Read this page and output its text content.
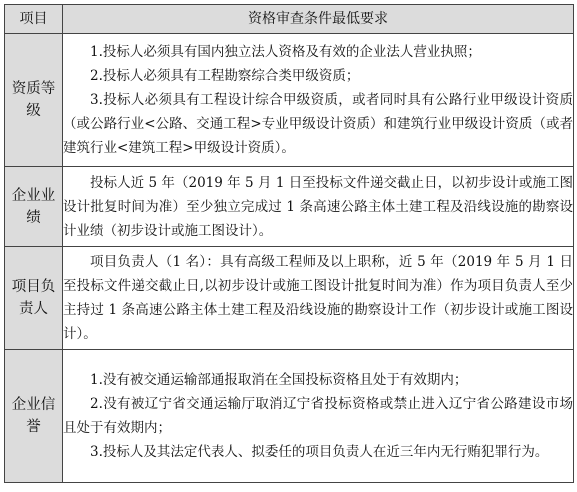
项目	资格审查条件最低要求
资质等级	1.投标人必须具有国内独立法人资格及有效的企业法人营业执照；

2.投标人必须具有工程勘察综合类甲级资质；

3.投标人必须具有工程设计综合甲级资质，或者同时具有公路行业甲级设计资质（或公路行业<公路、交通工程>专业甲级设计资质）和建筑行业甲级设计资质（或者建筑行业<建筑工程>甲级设计资质）。

企业业绩	投标人近 5 年（2019 年 5 月 1 日至投标文件递交截止日，以初步设计或施工图设计批复时间为准）至少独立完成过 1 条高速公路主体土建工程及沿线设施的勘察设计业绩（初步设计或施工图设计）。

项目负责人	项目负责人（1 名）：具有高级工程师及以上职称，近 5 年（2019 年 5 月 1 日至投标文件递交截止日,以初步设计或施工图设计批复时间为准）作为项目负责人至少主持过 1 条高速公路主体土建工程及沿线设施的勘察设计工作（初步设计或施工图设计）。

企业信誉	1.没有被交通运输部通报取消在全国投标资格且处于有效期内；

2.没有被辽宁省交通运输厅取消辽宁省投标资格或禁止进入辽宁省公路建设市场且处于有效期内；

3.投标人及其法定代表人、拟委任的项目负责人在近三年内无行贿犯罪行为。
